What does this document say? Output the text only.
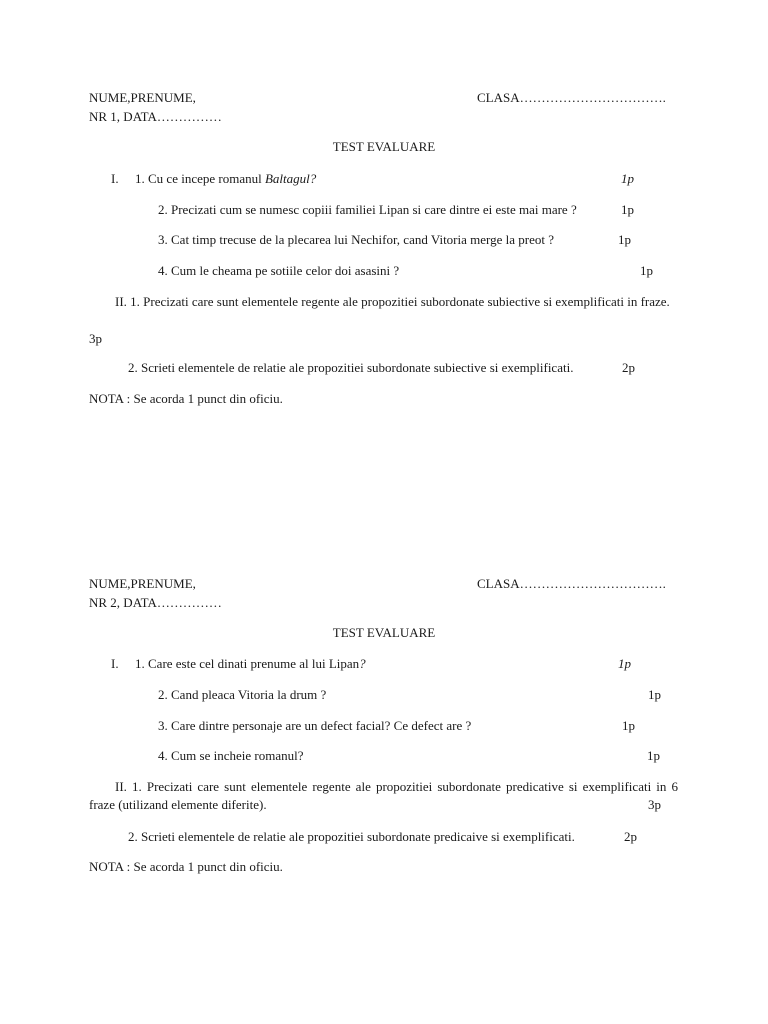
NUME,PRENUME,	CLASA…………………………….
NR 1, DATA……………
TEST EVALUARE
I. 1. Cu ce incepe romanul Baltagul?	1p
2. Precizati cum se numesc copiii familiei Lipan si care dintre ei este mai mare ?	1p
3. Cat timp trecuse de la plecarea lui Nechifor, cand Vitoria merge la preot ?	1p
4. Cum le cheama pe sotiile celor doi asasini ?	1p
II. 1. Precizati care sunt elementele regente ale propozitiei subordonate subiective si exemplificati in fraze.
3p
2. Scrieti elementele de relatie ale propozitiei subordonate subiective si exemplificati.	2p
NOTA : Se acorda 1 punct din oficiu.
NUME,PRENUME,	CLASA…………………………….
NR 2, DATA……………
TEST EVALUARE
I. 1. Care este cel dinati prenume al lui Lipan?	1p
2. Cand pleaca Vitoria la drum ?	1p
3. Care dintre personaje are un defect facial? Ce defect are ?	1p
4. Cum se incheie romanul?	1p
II. 1. Precizati care sunt elementele regente ale propozitiei subordonate predicative si exemplificati in 6 fraze (utilizand elemente diferite).	3p
2. Scrieti elementele de relatie ale propozitiei subordonate predicaive si exemplificati.	2p
NOTA : Se acorda 1 punct din oficiu.
